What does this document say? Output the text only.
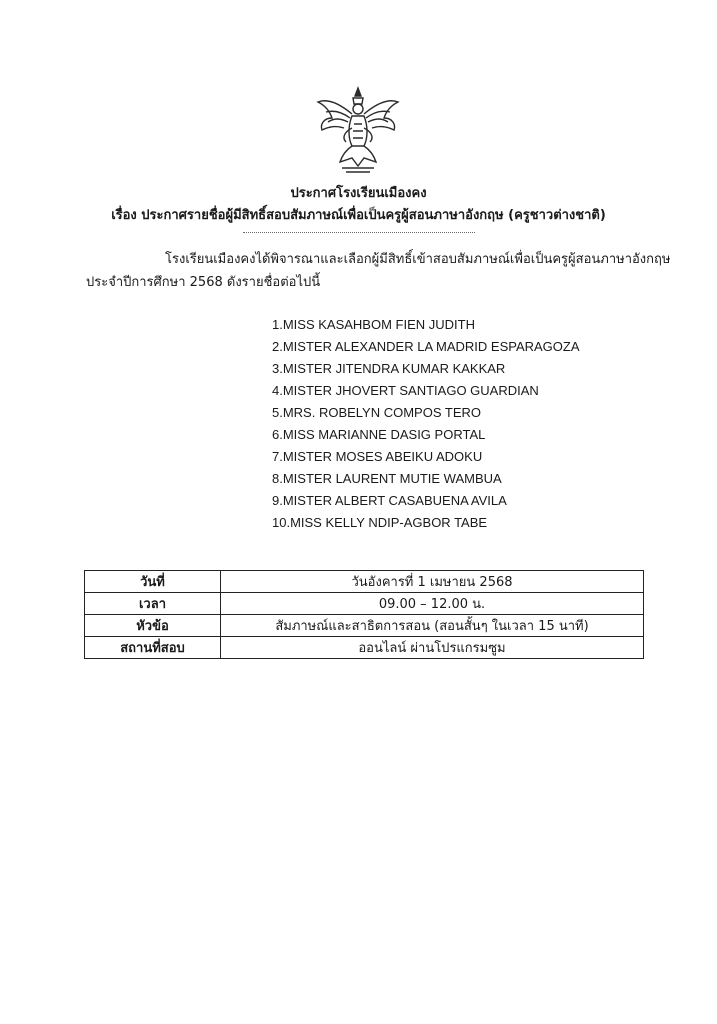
ประกาศโรงเรียนเมืองคง
เรื่อง ประกาศรายชื่อผู้มีสิทธิ์สอบสัมภาษณ์เพื่อเป็นครูผู้สอนภาษาอังกฤษ (ครูชาวต่างชาติ)
โรงเรียนเมืองคงได้พิจารณาและเลือกผู้มีสิทธิ์เข้าสอบสัมภาษณ์เพื่อเป็นครูผู้สอนภาษาอังกฤษ
ประจำปีการศึกษา 2568 ดังรายชื่อต่อไปนี้
1.MISS KASAHBOM FIEN JUDITH
2.MISTER ALEXANDER LA MADRID ESPARAGOZA
3.MISTER JITENDRA KUMAR KAKKAR
4.MISTER JHOVERT SANTIAGO GUARDIAN
5.MRS. ROBELYN COMPOS TERO
6.MISS MARIANNE DASIG PORTAL
7.MISTER MOSES ABEIKU ADOKU
8.MISTER LAURENT MUTIE WAMBUA
9.MISTER ALBERT CASABUENA AVILA
10.MISS KELLY NDIP-AGBOR TABE
วันที่	วันอังคารที่ 1 เมษายน 2568
เวลา	09.00 – 12.00 น.
หัวข้อ	สัมภาษณ์และสาธิตการสอน (สอนสั้นๆ ในเวลา 15 นาที)
สถานที่สอบ	ออนไลน์ ผ่านโปรแกรมซูม
